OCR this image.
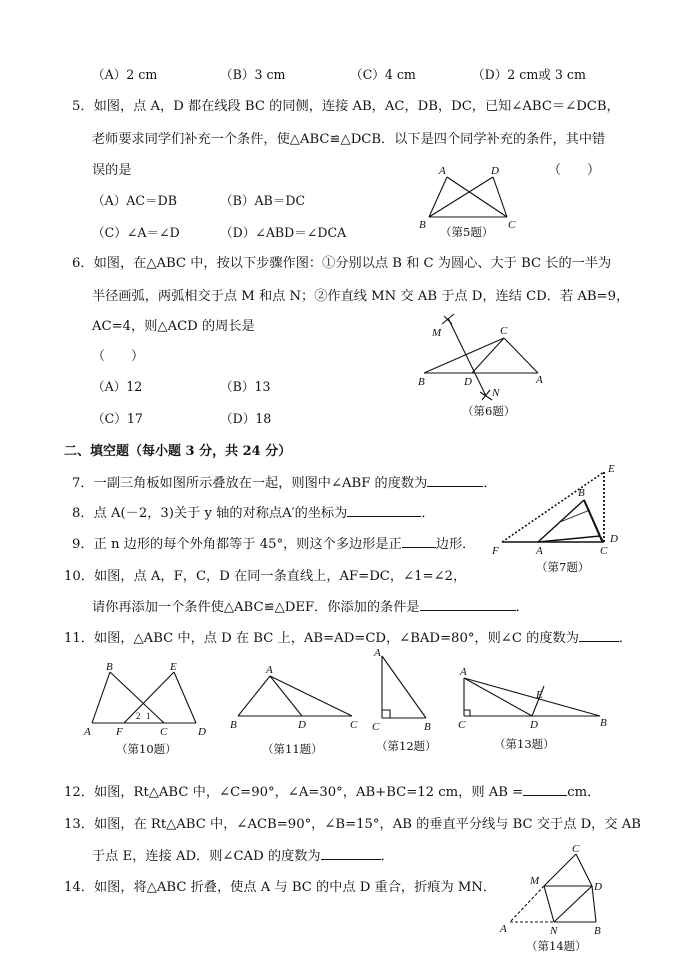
（A）2 cm	（B）3 cm	（C）4 cm	（D）2 cm或 3 cm
5．如图，点 A，D 都在线段 BC 的同侧，连接 AB，AC，DB，DC，已知∠ABC＝∠DCB，
老师要求同学们补充一个条件，使△ABC≌△DCB．以下是四个同学补充的条件，其中错
误的是	（　　）
（A）AC＝DB	（B）AB＝DC
（C）∠A＝∠D	（D）∠ABD＝∠DCA
A	D
B	C
（第5题）
6．如图，在△ABC 中，按以下步骤作图：①分别以点 B 和 C 为圆心、大于 BC 长的一半为
半径画弧，两弧相交于点 M 和点 N；②作直线 MN 交 AB 于点 D，连结 CD．若 AB=9，
AC=4，则△ACD 的周长是
（　　）
（A）12	（B）13
（C）17	（D）18
M	C
B	D	A
N
（第6题）
二、填空题（每小题 3 分，共 24 分）
7．一副三角板如图所示叠放在一起，则图中∠ABF 的度数为	．
E
B
F	A	C
D
（第7题）
8．点 A(－2，3)关于 y 轴的对称点A′的坐标为	．
9．正 n 边形的每个外角都等于 45°，则这个多边形是正	边形．
10．如图，点 A，F，C，D 在同一条直线上，AF=DC，∠1=∠2，
请你再添加一个条件使△ABC≌△DEF．你添加的条件是	．
11．如图，△ABC 中，点 D 在 BC 上，AB=AD=CD，∠BAD=80°，则∠C 的度数为	．
B	E
2 1
A F	C	D
（第10题）
A
B	D	C
（第11题）
A
C	B
（第12题）
A
E
C	D	B
（第13题）
12．如图，Rt△ABC 中，∠C=90°，∠A=30°，AB+BC=12 cm，则 AB =	cm．
13．如图，在 Rt△ABC 中，∠ACB=90°，∠B=15°，AB 的垂直平分线与 BC 交于点 D，交 AB
于点 E，连接 AD．则∠CAD 的度数为	．
14．如图，将△ABC 折叠，使点 A 与 BC 的中点 D 重合，折痕为 MN．
C
M	D
A	N	B
（第14题）
